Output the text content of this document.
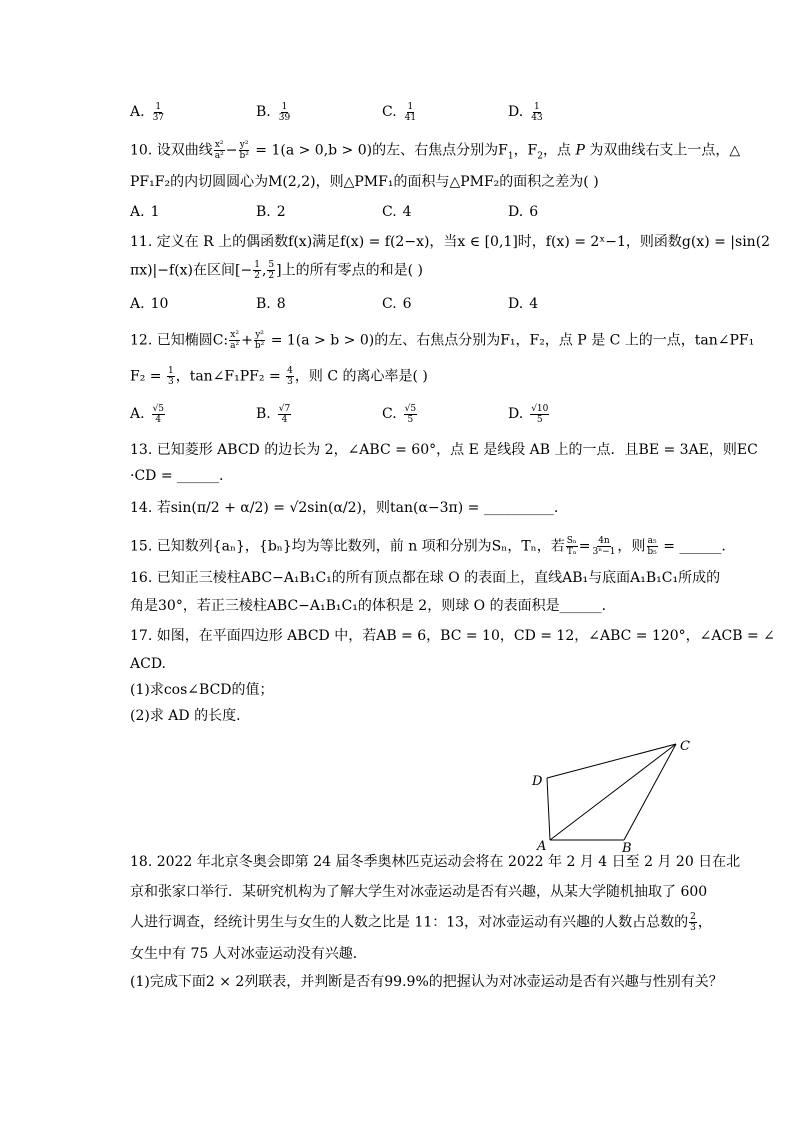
A. $\frac{1}{37}$	B. $\frac{1}{39}$	C. $\frac{1}{41}$	D. $\frac{1}{43}$
10. 设双曲线 $\frac{\text{x²}}{\text{a²}} - \frac{\text{y²}}{\text{b²}} = 1(a > 0,b > 0)$的左、右焦点分别为$F_1$，$F_2$，点 P 为双曲线右支上一点，△
PF₁F₂的内切圆圆心为M(2,2)，则△PMF₁的面积与△PMF₂的面积之差为( )
A. 1	B. 2	C. 4	D. 6
11. 定义在 R 上的偶函数f(x)满足f(x) = f(2−x)，当x ∈ [0,1]时，f(x) = 2ˣ−1，则函数g(x) = |sin(2
πx)|−f(x)在区间[− $\frac{1}{2}$ , $\frac{5}{2}$ ]上的所有零点的和是( )
A. 10	B. 8	C. 6	D. 4
12. 已知椭圆C: $\frac{\text{x²}}{\text{a²}} + \frac{\text{y²}}{\text{b²}} = 1(a > b > 0)$的左、右焦点分别为F₁，F₂，点 P 是 C 上的一点，tan∠PF₁
$F_2 = \frac{1}{3}$ ，tan∠F₁PF₂ = $\frac{4}{3}$ ，则 C 的离心率是( )
A. $\frac{√5}{4}$	B. $\frac{√7}{4}$	C. $\frac{√5}{5}$	D. $\frac{√10}{5}$
13. 已知菱形 ABCD 的边长为 2，∠ABC = 60°，点 E 是线段 AB 上的一点．且BE = 3AE，则EC
·CD = ______.
14. 若sin(π/2 + α/2) = √2sin(α/2)，则tan(α−3π) = __________.
15. 已知数列{aₙ}，{bₙ}均为等比数列，前 n 项和分别为Sₙ，Tₙ，若 $\frac{\text{Sₙ}}{\text{Tₙ}} = \frac{4n}{\text{3ⁿ−1}}$ ，则 $\frac{\text{a₅}}{\text{b₅}}$ = ______.
16. 已知正三棱柱ABC−A₁B₁C₁的所有顶点都在球 O 的表面上，直线AB₁与底面A₁B₁C₁所成的
角是30°，若正三棱柱ABC−A₁B₁C₁的体积是 2，则球 O 的表面积是______.
17. 如图，在平面四边形 ABCD 中，若AB = 6，BC = 10，CD = 12，∠ABC = 120°，∠ACB = ∠
ACD.
(1)求cos∠BCD的值；
(2)求 AD 的长度．
A	B
C
D
18. 2022 年北京冬奥会即第 24 届冬季奥林匹克运动会将在 2022 年 2 月 4 日至 2 月 20 日在北
京和张家口举行．某研究机构为了解大学生对冰壶运动是否有兴趣，从某大学随机抽取了 600
人进行调查，经统计男生与女生的人数之比是 11：13，对冰壶运动有兴趣的人数占总数的 $\frac{2}{3}$ ，
女生中有 75 人对冰壶运动没有兴趣．
(1)完成下面2 × 2列联表，并判断是否有99.9%的把握认为对冰壶运动是否有兴趣与性别有关？
